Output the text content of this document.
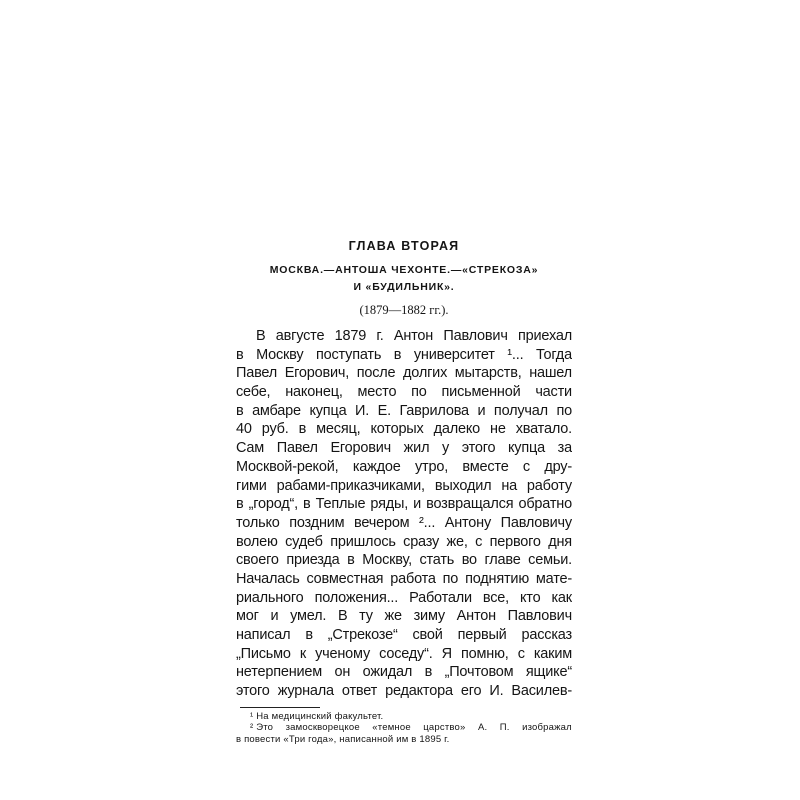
ГЛАВА ВТОРАЯ
МОСКВА.—АНТОША ЧЕХОНТЕ.—«СТРЕКОЗА»
И «БУДИЛЬНИК».
(1879—1882 гг.).
В августе 1879 г. Антон Павлович приехал
в Москву поступать в университет ¹... Тогда
Павел Егорович, после долгих мытарств, нашел
себе, наконец, место по письменной части
в амбаре купца И. Е. Гаврилова и получал по
40 руб. в месяц, которых далеко не хватало.
Сам Павел Егорович жил у этого купца за
Москвой-рекой, каждое утро, вместе с дру-
гими рабами-приказчиками, выходил на работу
в „город“, в Теплые ряды, и возвращался обратно
только поздним вечером ²... Антону Павловичу
волею судеб пришлось сразу же, с первого дня
своего приезда в Москву, стать во главе семьи.
Началась совместная работа по поднятию мате-
риального положения... Работали все, кто как
мог и умел. В ту же зиму Антон Павлович
написал в „Стрекозе“ свой первый рассказ
„Письмо к ученому соседу“. Я помню, с каким
нетерпением он ожидал в „Почтовом ящике“
этого журнала ответ редактора его И. Василев-
¹ На медицинский факультет.
² Это замоскворецкое «темное царство» А. П. изображал
в повести «Три года», написанной им в 1895 г.
